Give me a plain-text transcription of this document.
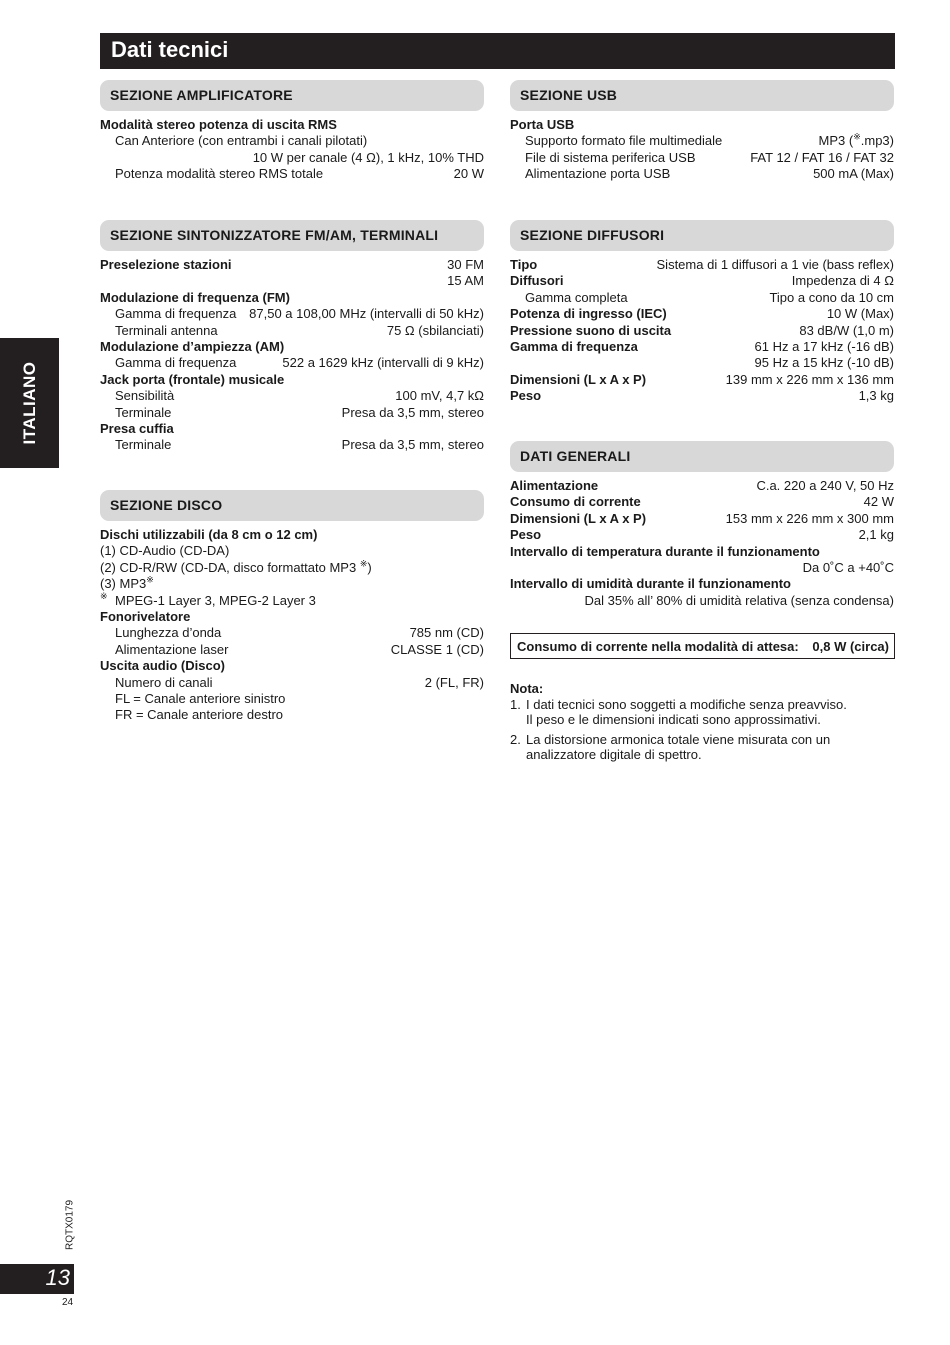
Dati tecnici
ITALIANO
RQTX0179
13
24
SEZIONE AMPLIFICATORE
Modalità stereo potenza di uscita RMS
Can Anteriore (con entrambi i canali pilotati)
10 W per canale (4 Ω), 1 kHz, 10% THD
Potenza modalità stereo RMS totale	20 W
SEZIONE SINTONIZZATORE FM/AM, TERMINALI
Preselezione stazioni	30 FM
15 AM
Modulazione di frequenza (FM)
Gamma di frequenza 87,50 a 108,00 MHz (intervalli di 50 kHz)
Terminali antenna	75 Ω (sbilanciati)
Modulazione d’ampiezza (AM)
Gamma di frequenza	522 a 1629 kHz (intervalli di 9 kHz)
Jack porta (frontale) musicale
Sensibilità	100 mV, 4,7 kΩ
Terminale	Presa da 3,5 mm, stereo
Presa cuffia
Terminale	Presa da 3,5 mm, stereo
SEZIONE DISCO
Dischi utilizzabili (da 8 cm o 12 cm)
(1) CD-Audio (CD-DA)
(2) CD-R/RW (CD-DA, disco formattato MP3 ※)
(3) MP3※
※ MPEG-1 Layer 3, MPEG-2 Layer 3
Fonorivelatore
Lunghezza d’onda	785 nm (CD)
Alimentazione laser	CLASSE 1 (CD)
Uscita audio (Disco)
Numero di canali	2 (FL, FR)
FL = Canale anteriore sinistro
FR = Canale anteriore destro
SEZIONE USB
Porta USB
Supporto formato file multimediale	MP3 (※.mp3)
File di sistema periferica USB	FAT 12 / FAT 16 / FAT 32
Alimentazione porta USB	500 mA (Max)
SEZIONE DIFFUSORI
Tipo	Sistema di 1 diffusori a 1 vie (bass reflex)
Diffusori	Impedenza di 4 Ω
Gamma completa	Tipo a cono da 10 cm
Potenza di ingresso (IEC)	10 W (Max)
Pressione suono di uscita	83 dB/W (1,0 m)
Gamma di frequenza	61 Hz a 17 kHz (-16 dB)
95 Hz a 15 kHz (-10 dB)
Dimensioni (L x A x P)	139 mm x 226 mm x 136 mm
Peso	1,3 kg
DATI GENERALI
Alimentazione	C.a. 220 a 240 V, 50 Hz
Consumo di corrente	42 W
Dimensioni (L x A x P)	153 mm x 226 mm x 300 mm
Peso	2,1 kg
Intervallo di temperatura durante il funzionamento
Da 0˚C a +40˚C
Intervallo di umidità durante il funzionamento
Dal 35% all’ 80% di umidità relativa (senza condensa)
Consumo di corrente nella modalità di attesa: 0,8 W (circa)
Nota:
1. I dati tecnici sono soggetti a modifiche senza preavviso.
Il peso e le dimensioni indicati sono approssimativi.
2. La distorsione armonica totale viene misurata con un
analizzatore digitale di spettro.
